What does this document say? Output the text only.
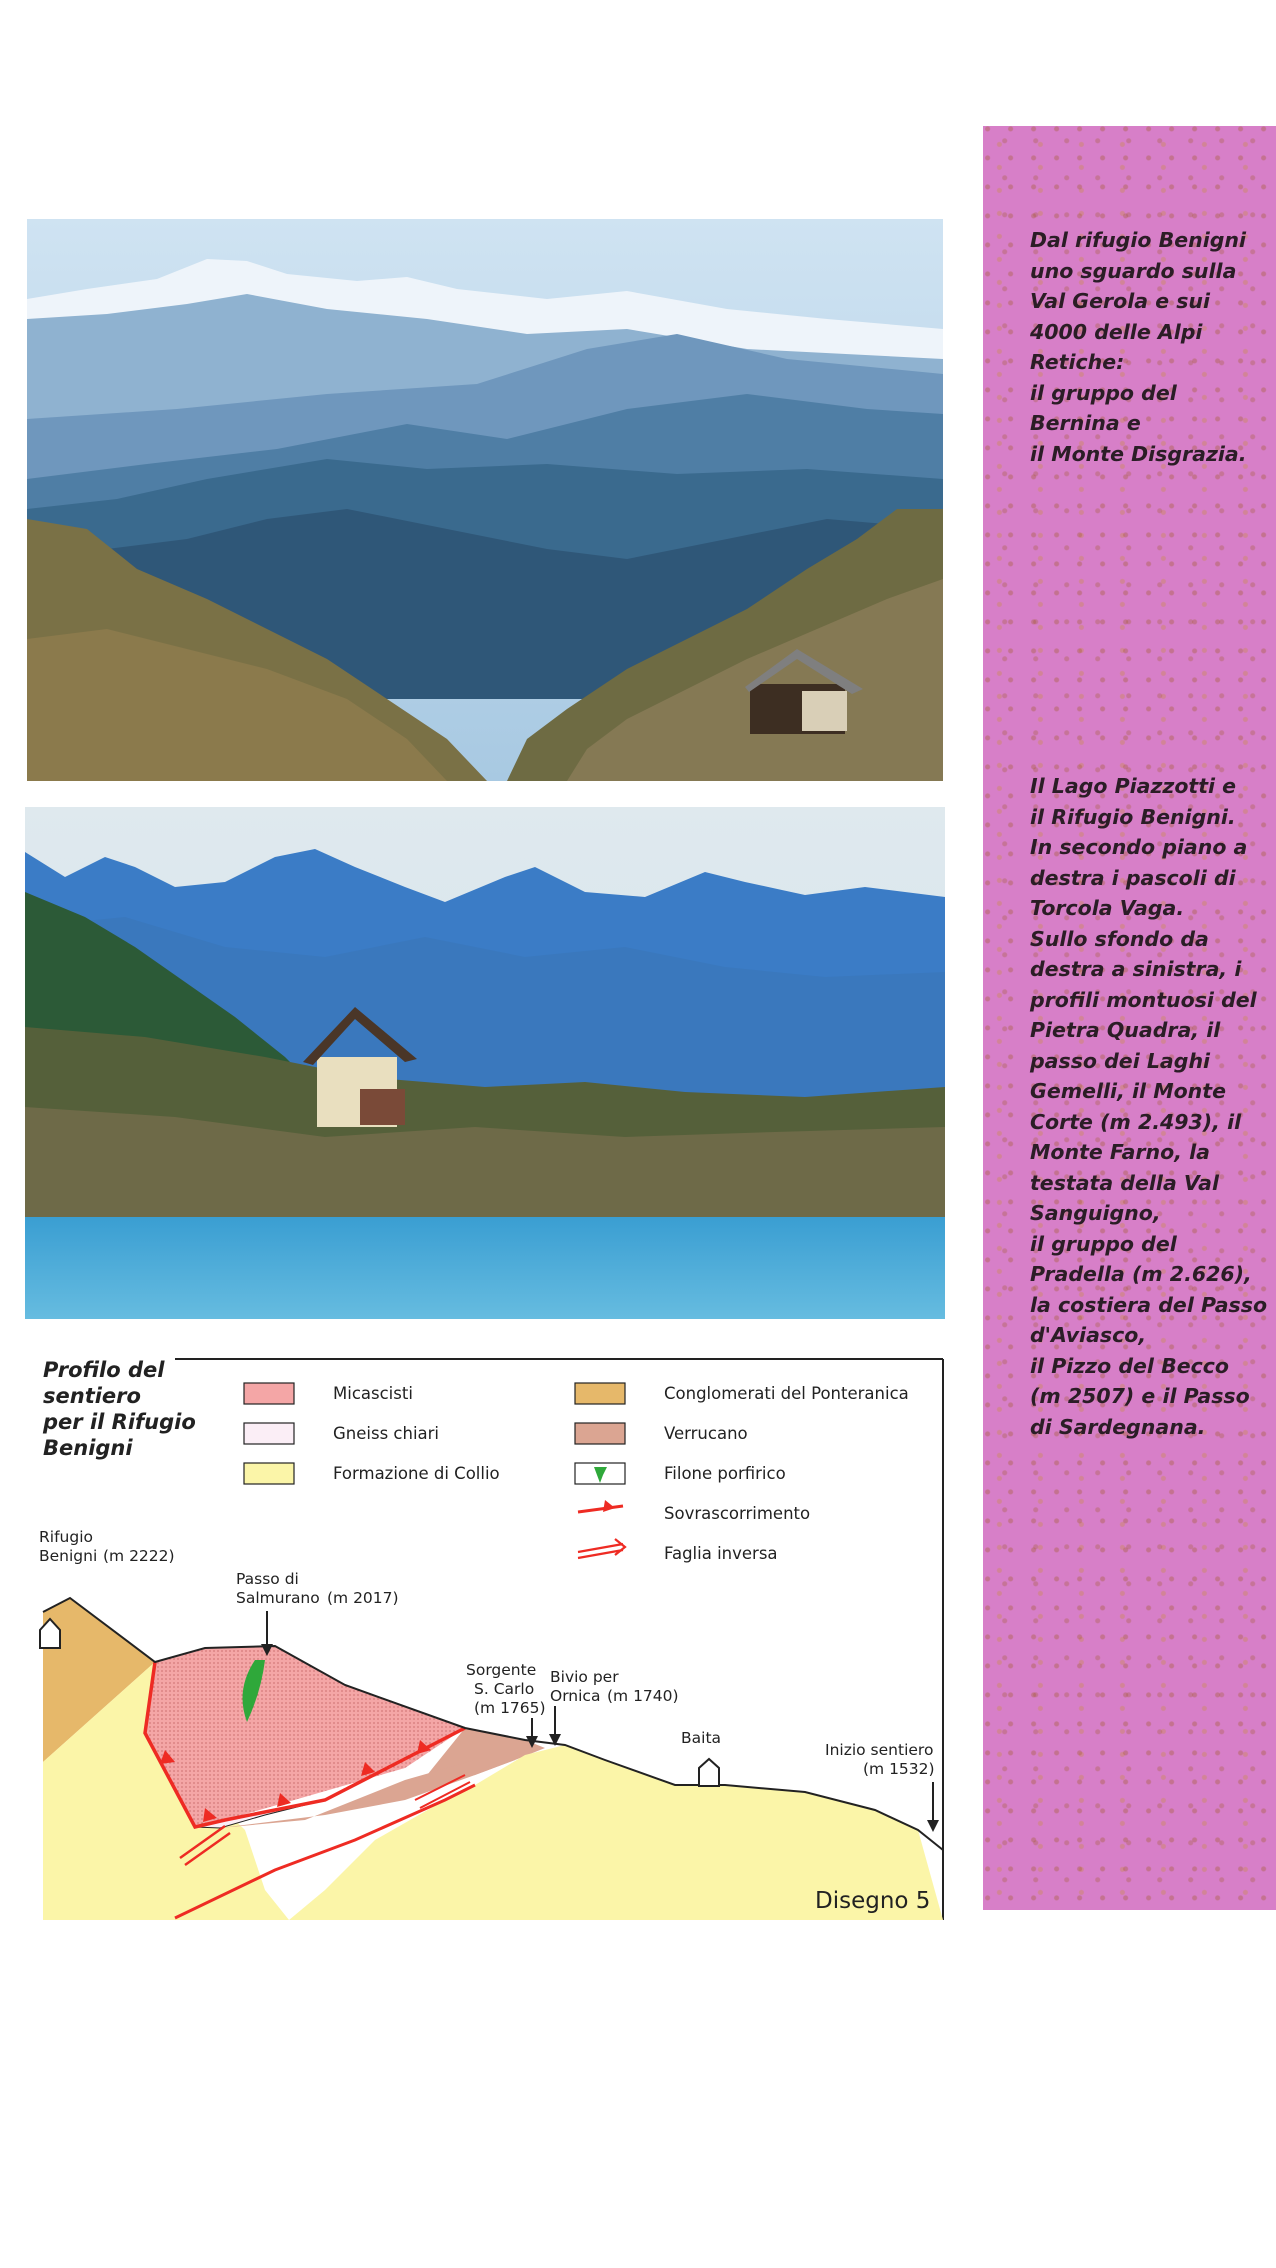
Dal rifugio Benigni
uno sguardo sulla
Val Gerola e sui
4000 delle Alpi
Retiche:
il gruppo del
Bernina e
il Monte Disgrazia.

Il Lago Piazzotti e
il Rifugio Benigni.
In secondo piano a
destra i pascoli di
Torcola Vaga.
Sullo sfondo da
destra a sinistra, i
profili montuosi del
Pietra Quadra, il
passo dei Laghi
Gemelli, il Monte
Corte (m 2.493), il
Monte Farno, la
testata della Val
Sanguigno,
il gruppo del
Pradella (m 2.626),
la costiera del Passo
d'Aviasco,
il Pizzo del Becco
(m 2507) e il Passo
di Sardegnana.

Profilo del sentiero per il Rifugio Benigni
Micascisti
Gneiss chiari
Formazione di Collio
Conglomerati del Ponteranica
Verrucano
Filone porfirico
Sovrascorrimento
Faglia inversa
Rifugio Benigni (m 2222)
Passo di Salmurano (m 2017)
Sorgente S. Carlo (m 1765)
Bivio per Ornica (m 1740)
Baita
Inizio sentiero (m 1532)
Disegno 5
